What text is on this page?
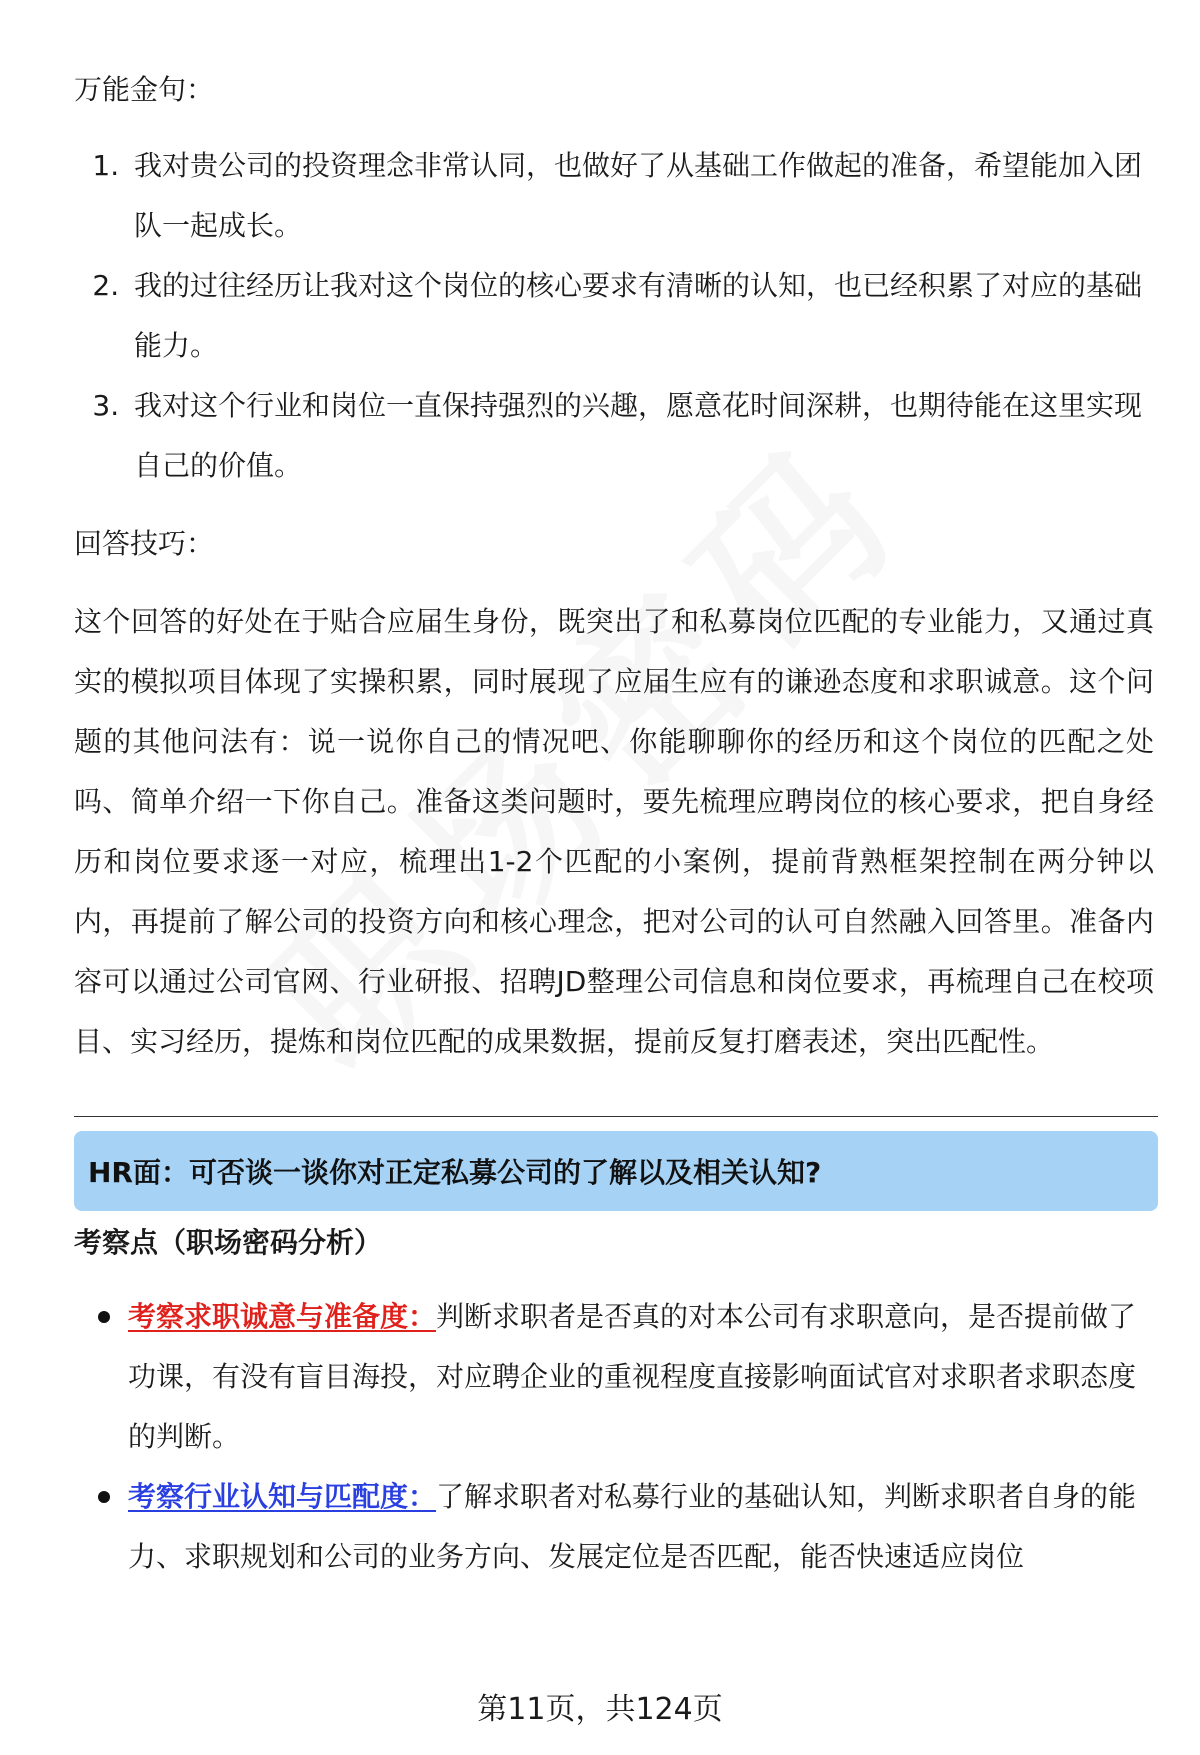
万能金句：

1. 我对贵公司的投资理念非常认同，也做好了从基础工作做起的准备，希望能加入团队一起成长。
2. 我的过往经历让我对这个岗位的核心要求有清晰的认知，也已经积累了对应的基础能力。
3. 我对这个行业和岗位一直保持强烈的兴趣，愿意花时间深耕，也期待能在这里实现自己的价值。

回答技巧：

这个回答的好处在于贴合应届生身份，既突出了和私募岗位匹配的专业能力，又通过真实的模拟项目体现了实操积累，同时展现了应届生应有的谦逊态度和求职诚意。这个问题的其他问法有：说一说你自己的情况吧、你能聊聊你的经历和这个岗位的匹配之处吗、简单介绍一下你自己。准备这类问题时，要先梳理应聘岗位的核心要求，把自身经历和岗位要求逐一对应，梳理出1-2个匹配的小案例，提前背熟框架控制在两分钟以内，再提前了解公司的投资方向和核心理念，把对公司的认可自然融入回答里。准备内容可以通过公司官网、行业研报、招聘JD整理公司信息和岗位要求，再梳理自己在校项目、实习经历，提炼和岗位匹配的成果数据，提前反复打磨表述，突出匹配性。

HR面：可否谈一谈你对正定私募公司的了解以及相关认知?
考察点（职场密码分析）
考察求职诚意与准备度：判断求职者是否真的对本公司有求职意向，是否提前做了功课，有没有盲目海投，对应聘企业的重视程度直接影响面试官对求职者求职态度的判断。
考察行业认知与匹配度：了解求职者对私募行业的基础认知，判断求职者自身的能力、求职规划和公司的业务方向、发展定位是否匹配，能否快速适应岗位
第11页，共124页
